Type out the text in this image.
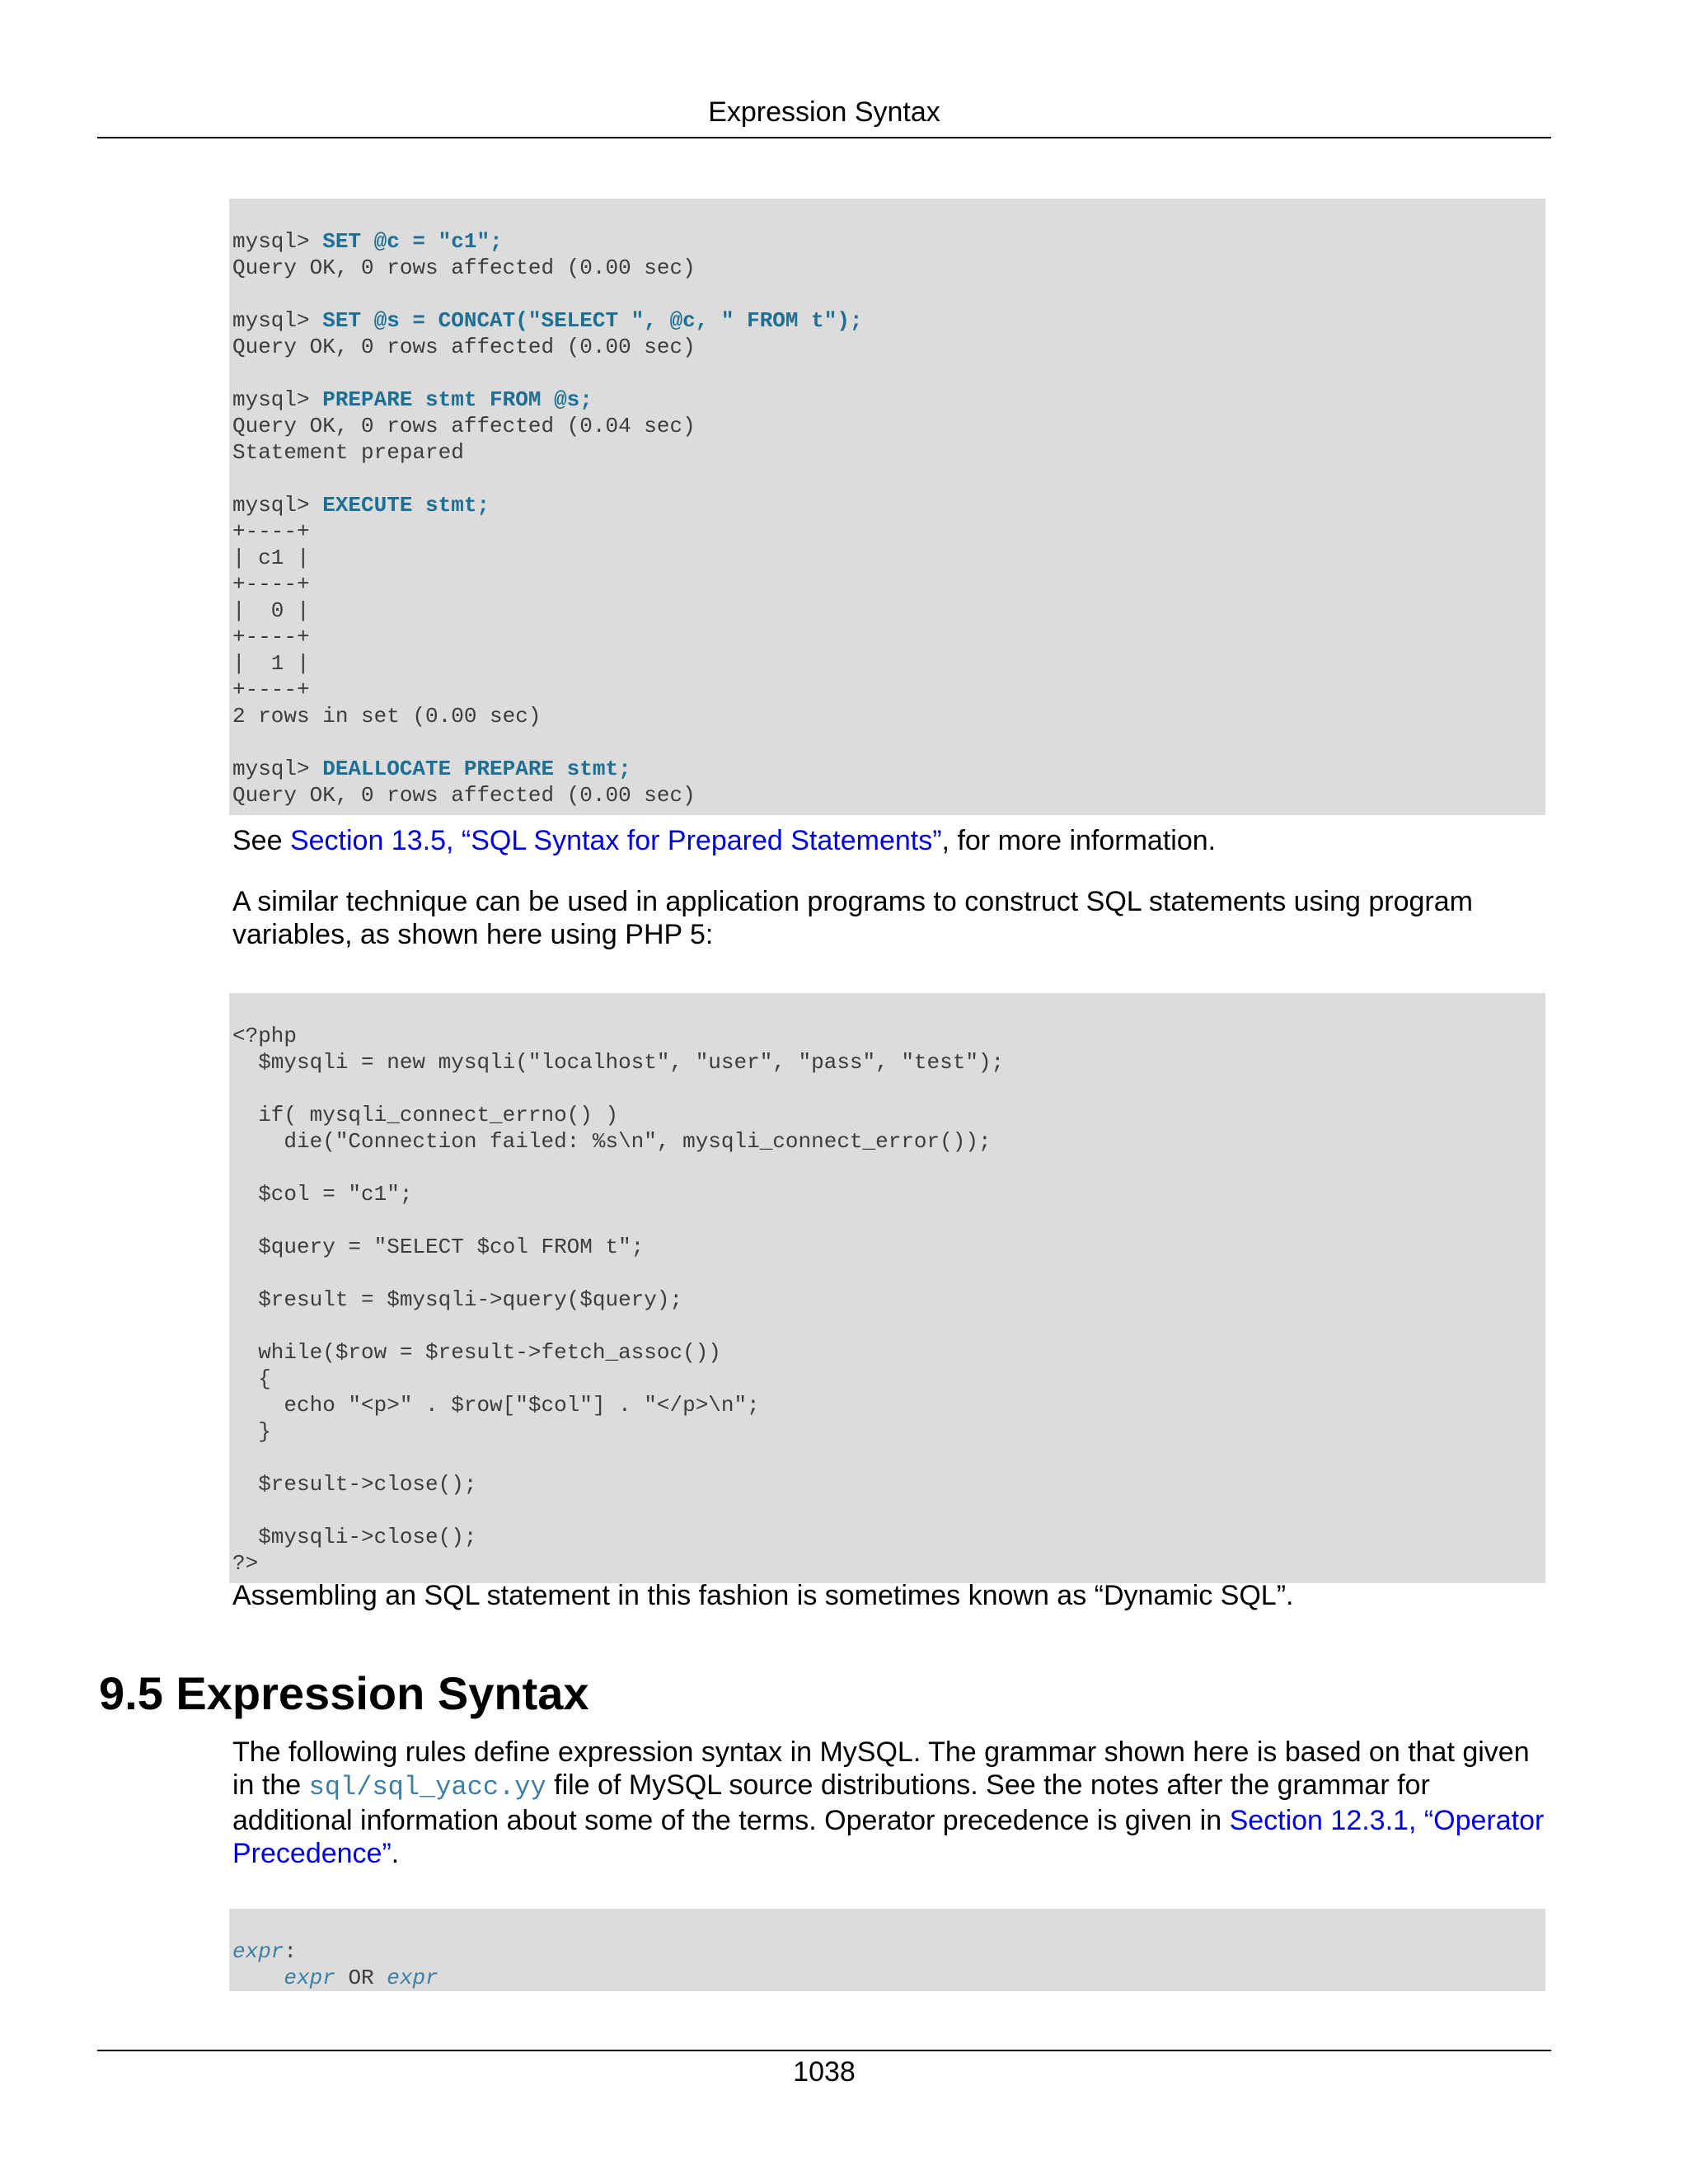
Expression Syntax
mysql> SET @c = "c1";
Query OK, 0 rows affected (0.00 sec)
mysql> SET @s = CONCAT("SELECT ", @c, " FROM t");
Query OK, 0 rows affected (0.00 sec)
mysql> PREPARE stmt FROM @s;
Query OK, 0 rows affected (0.04 sec)
Statement prepared
mysql> EXECUTE stmt;
+----+
| c1 |
+----+
|  0 |
+----+
|  1 |
+----+
2 rows in set (0.00 sec)
mysql> DEALLOCATE PREPARE stmt;
Query OK, 0 rows affected (0.00 sec)

See Section 13.5, “SQL Syntax for Prepared Statements”, for more information.

A similar technique can be used in application programs to construct SQL statements using program variables, as shown here using PHP 5:

<?php
$mysqli = new mysqli("localhost", "user", "pass", "test");
if( mysqli_connect_errno() )
die("Connection failed: %s\n", mysqli_connect_error());
$col = "c1";
$query = "SELECT $col FROM t";
$result = $mysqli->query($query);
while($row = $result->fetch_assoc())
{
echo "<p>" . $row["$col"] . "</p>\n";
}
$result->close();
$mysqli->close();
?>

Assembling an SQL statement in this fashion is sometimes known as “Dynamic SQL”.

9.5 Expression Syntax

The following rules define expression syntax in MySQL. The grammar shown here is based on that given in the sql/sql_yacc.yy file of MySQL source distributions. See the notes after the grammar for additional information about some of the terms. Operator precedence is given in Section 12.3.1, “Operator Precedence”.

expr:
expr OR expr
1038
